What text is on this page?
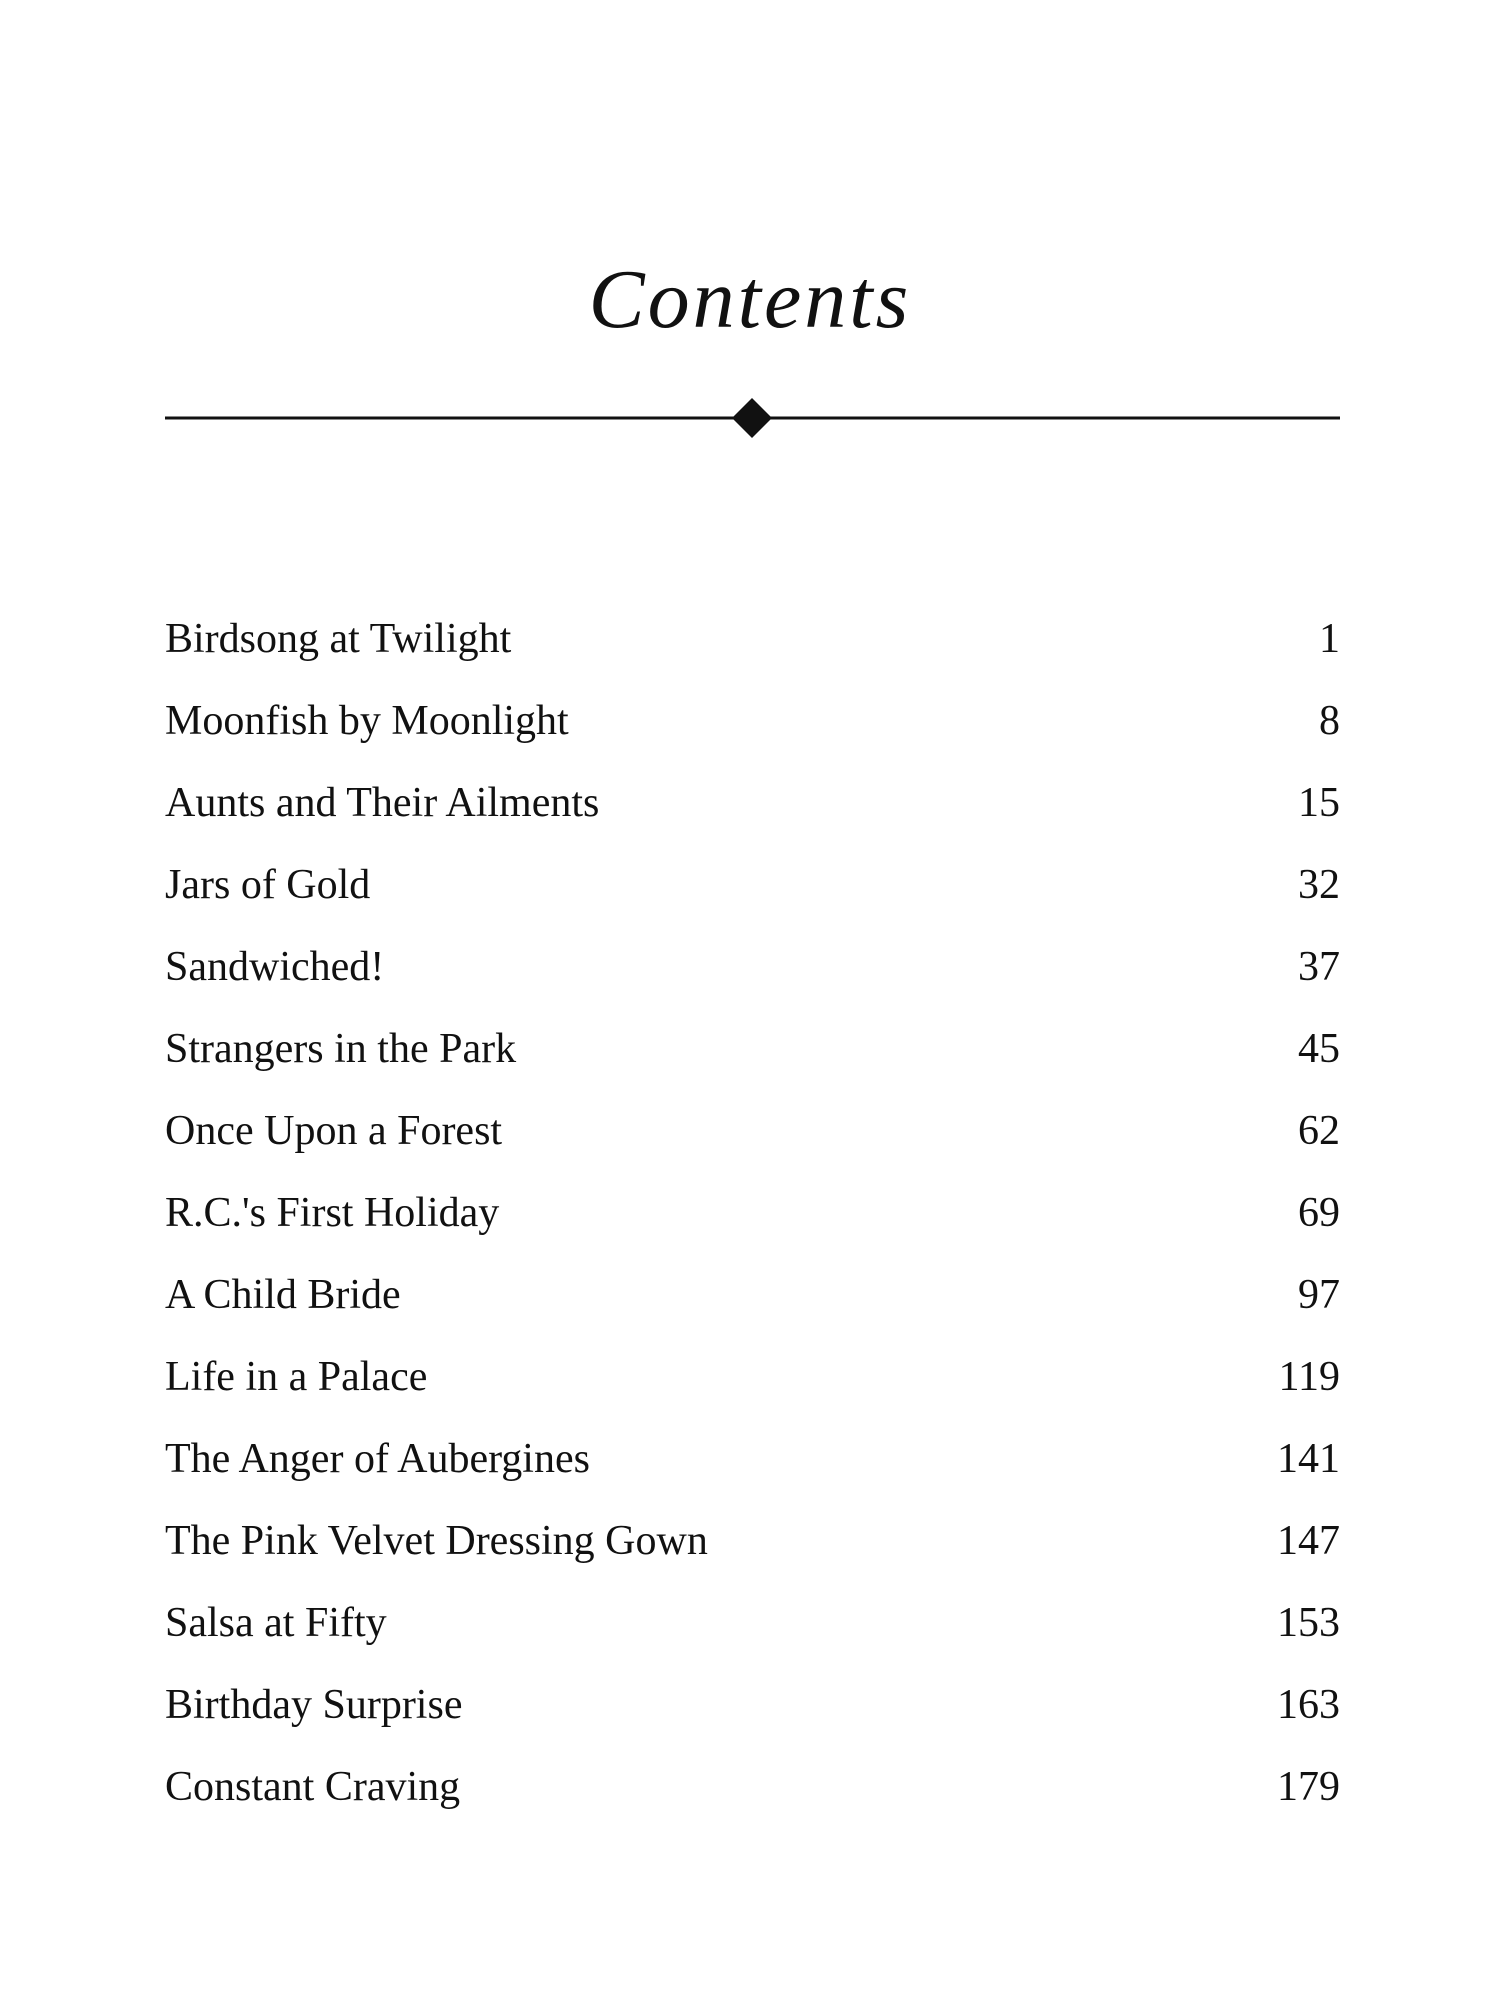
Contents
Birdsong at Twilight	1
Moonfish by Moonlight	8
Aunts and Their Ailments	15
Jars of Gold	32
Sandwiched!	37
Strangers in the Park	45
Once Upon a Forest	62
R.C.'s First Holiday	69
A Child Bride	97
Life in a Palace	119
The Anger of Aubergines	141
The Pink Velvet Dressing Gown	147
Salsa at Fifty	153
Birthday Surprise	163
Constant Craving	179
